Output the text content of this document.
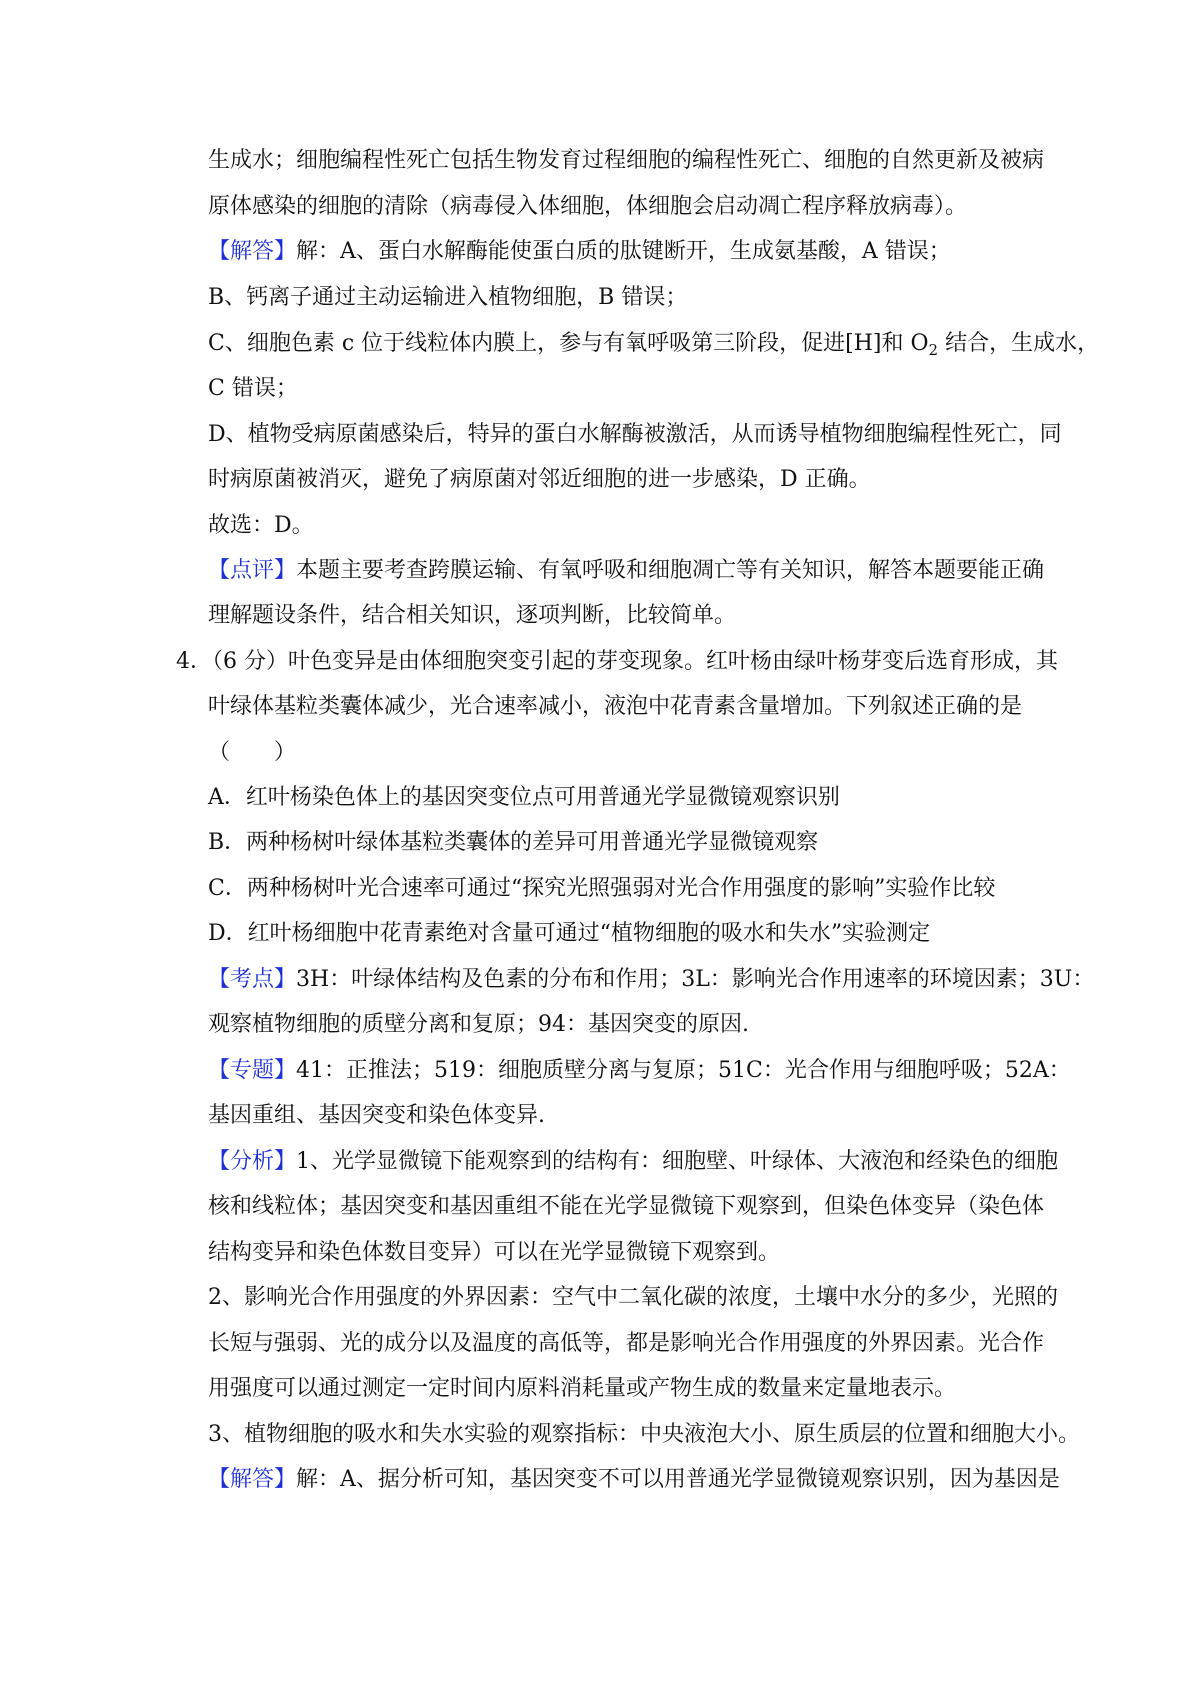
生成水；细胞编程性死亡包括生物发育过程细胞的编程性死亡、细胞的自然更新及被病
原体感染的细胞的清除（病毒侵入体细胞，体细胞会启动凋亡程序释放病毒）。
【解答】解：A、蛋白水解酶能使蛋白质的肽键断开，生成氨基酸，A 错误；
B、钙离子通过主动运输进入植物细胞，B 错误；
C、细胞色素 c 位于线粒体内膜上，参与有氧呼吸第三阶段，促进[H]和 $O_2$ 结合，生成水，
C 错误；
D、植物受病原菌感染后，特异的蛋白水解酶被激活，从而诱导植物细胞编程性死亡，同
时病原菌被消灭，避免了病原菌对邻近细胞的进一步感染，D 正确。
故选：D。
【点评】本题主要考查跨膜运输、有氧呼吸和细胞凋亡等有关知识，解答本题要能正确
理解题设条件，结合相关知识，逐项判断，比较简单。
4．（6 分）叶色变异是由体细胞突变引起的芽变现象。红叶杨由绿叶杨芽变后选育形成，其
叶绿体基粒类囊体减少，光合速率减小，液泡中花青素含量增加。下列叙述正确的是
（　　）
A．红叶杨染色体上的基因突变位点可用普通光学显微镜观察识别
B．两种杨树叶绿体基粒类囊体的差异可用普通光学显微镜观察
C．两种杨树叶光合速率可通过“探究光照强弱对光合作用强度的影响”实验作比较
D．红叶杨细胞中花青素绝对含量可通过“植物细胞的吸水和失水”实验测定
【考点】3H：叶绿体结构及色素的分布和作用；3L：影响光合作用速率的环境因素；3U：
观察植物细胞的质壁分离和复原；94：基因突变的原因.
【专题】41：正推法；519：细胞质壁分离与复原；51C：光合作用与细胞呼吸；52A：
基因重组、基因突变和染色体变异.
【分析】1、光学显微镜下能观察到的结构有：细胞壁、叶绿体、大液泡和经染色的细胞
核和线粒体；基因突变和基因重组不能在光学显微镜下观察到，但染色体变异（染色体
结构变异和染色体数目变异）可以在光学显微镜下观察到。
2、影响光合作用强度的外界因素：空气中二氧化碳的浓度，土壤中水分的多少，光照的
长短与强弱、光的成分以及温度的高低等，都是影响光合作用强度的外界因素。光合作
用强度可以通过测定一定时间内原料消耗量或产物生成的数量来定量地表示。
3、植物细胞的吸水和失水实验的观察指标：中央液泡大小、原生质层的位置和细胞大小。
【解答】解：A、据分析可知，基因突变不可以用普通光学显微镜观察识别，因为基因是
